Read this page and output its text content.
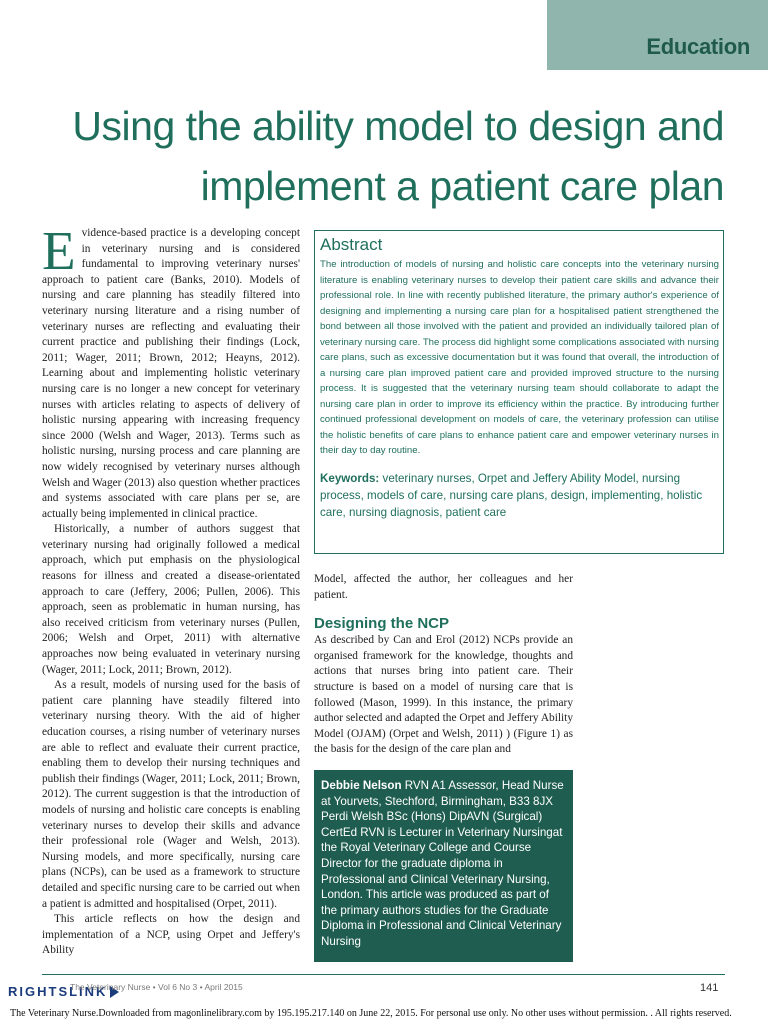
Education
Using the ability model to design and implement a patient care plan

Evidence-based practice is a developing concept in veterinary nursing and is considered fundamental to improving veterinary nurses' approach to patient care (Banks, 2010). Models of nursing and care planning has steadily filtered into veterinary nursing literature and a rising number of veterinary nurses are reflecting and evaluating their current practice and publishing their findings (Lock, 2011; Wager, 2011; Brown, 2012; Heayns, 2012). Learning about and implementing holistic veterinary nursing care is no longer a new concept for veterinary nurses with articles relating to aspects of delivery of holistic nursing appearing with increasing frequency since 2000 (Welsh and Wager, 2013). Terms such as holistic nursing, nursing process and care planning are now widely recognised by veterinary nurses although Welsh and Wager (2013) also question whether practices and systems associated with care plans per se, are actually being implemented in clinical practice.

Historically, a number of authors suggest that veterinary nursing had originally followed a medical approach, which put emphasis on the physiological reasons for illness and created a disease-orientated approach to care (Jeffery, 2006; Pullen, 2006). This approach, seen as problematic in human nursing, has also received criticism from veterinary nurses (Pullen, 2006; Welsh and Orpet, 2011) with alternative approaches now being evaluated in veterinary nursing (Wager, 2011; Lock, 2011; Brown, 2012).

As a result, models of nursing used for the basis of patient care planning have steadily filtered into veterinary nursing theory. With the aid of higher education courses, a rising number of veterinary nurses are able to reflect and evaluate their current practice, enabling them to develop their nursing techniques and publish their findings (Wager, 2011; Lock, 2011; Brown, 2012). The current suggestion is that the introduction of models of nursing and holistic care concepts is enabling veterinary nurses to develop their skills and advance their professional role (Wager and Welsh, 2013). Nursing models, and more specifically, nursing care plans (NCPs), can be used as a framework to structure detailed and specific nursing care to be carried out when a patient is admitted and hospitalised (Orpet, 2011).

This article reflects on how the design and implementation of a NCP, using Orpet and Jeffery's Ability

Abstract

The introduction of models of nursing and holistic care concepts into the veterinary nursing literature is enabling veterinary nurses to develop their patient care skills and advance their professional role. In line with recently published literature, the primary author's experience of designing and implementing a nursing care plan for a hospitalised patient strengthened the bond between all those involved with the patient and provided an individually tailored plan of veterinary nursing care. The process did highlight some complications associated with nursing care plans, such as excessive documentation but it was found that overall, the introduction of a nursing care plan improved patient care and provided improved structure to the nursing process. It is suggested that the veterinary nursing team should collaborate to adapt the nursing care plan in order to improve its efficiency within the practice. By introducing further continued professional development on models of care, the veterinary profession can utilise the holistic benefits of care plans to enhance patient care and empower veterinary nurses in their day to day routine.

Keywords: veterinary nurses, Orpet and Jeffery Ability Model, nursing process, models of care, nursing care plans, design, implementing, holistic care, nursing diagnosis, patient care

Model, affected the author, her colleagues and her patient.

Designing the NCP

As described by Can and Erol (2012) NCPs provide an organised framework for the knowledge, thoughts and actions that nurses bring into patient care. Their structure is based on a model of nursing care that is followed (Mason, 1999). In this instance, the primary author selected and adapted the Orpet and Jeffery Ability Model (OJAM) (Orpet and Welsh, 2011) ) (Figure 1) as the basis for the design of the care plan and

Debbie Nelson RVN A1 Assessor, Head Nurse at Yourvets, Stechford, Birmingham, B33 8JX Perdi Welsh BSc (Hons) DipAVN (Surgical) CertEd RVN is Lecturer in Veterinary Nursingat the Royal Veterinary College and Course Director for the graduate diploma in Professional and Clinical Veterinary Nursing, London. This article was produced as part of the primary authors studies for the Graduate Diploma in Professional and Clinical Veterinary Nursing
RIGHTSLINK
The Veterinary Nurse • Vol 6 No 3 • April 2015	141
The Veterinary Nurse.Downloaded from magonlinelibrary.com by 195.195.217.140 on June 22, 2015. For personal use only. No other uses without permission. . All rights reserved.
